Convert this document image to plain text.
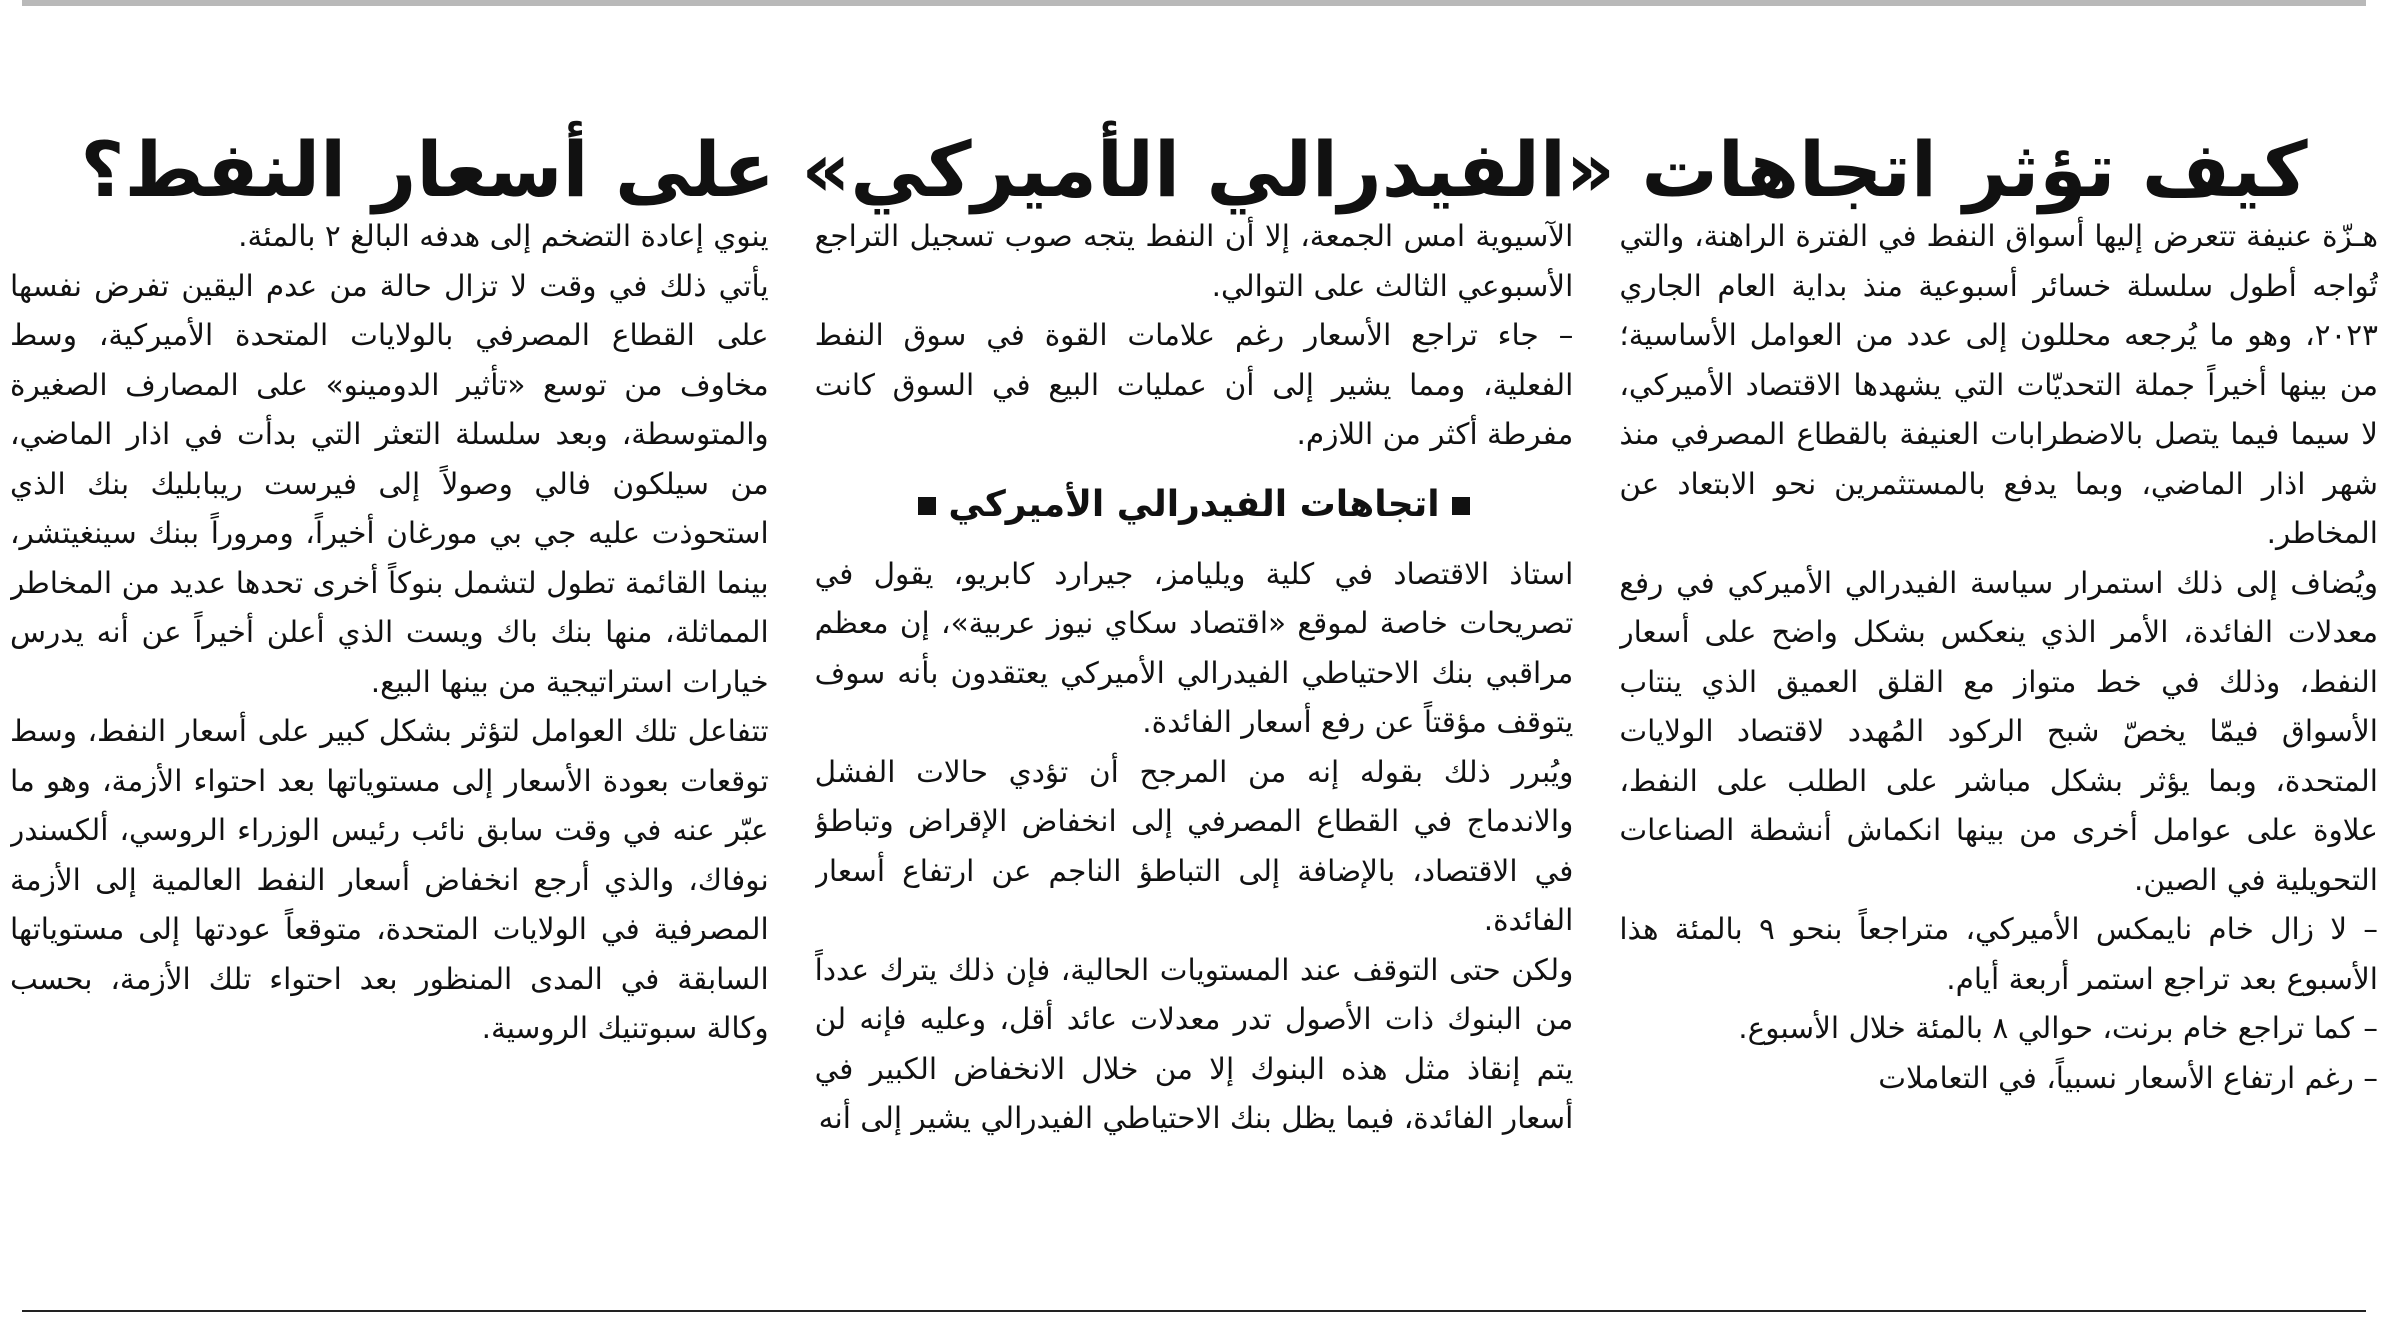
كيف تؤثر اتجاهات «الفيدرالي الأميركي» على أسعار النفط؟

هـزّة عنيفة تتعرض إليها أسواق النفط في الفترة الراهنة، والتي تُواجه أطول سلسلة خسائر أسبوعية منذ بداية العام الجاري ٢٠٢٣، وهو ما يُرجعه محللون إلى عدد من العوامل الأساسية؛ من بينها أخيراً جملة التحديّات التي يشهدها الاقتصاد الأميركي، لا سيما فيما يتصل بالاضطرابات العنيفة بالقطاع المصرفي منذ شهر اذار الماضي، وبما يدفع بالمستثمرين نحو الابتعاد عن المخاطر.

ويُضاف إلى ذلك استمرار سياسة الفيدرالي الأميركي في رفع معدلات الفائدة، الأمر الذي ينعكس بشكل واضح على أسعار النفط، وذلك في خط متواز مع القلق العميق الذي ينتاب الأسواق فيمّا يخصّ شبح الركود المُهدد لاقتصاد الولايات المتحدة، وبما يؤثر بشكل مباشر على الطلب على النفط، علاوة على عوامل أخرى من بينها انكماش أنشطة الصناعات التحويلية في الصين.

– لا زال خام نايمكس الأميركي، متراجعاً بنحو ٩ بالمئة هذا الأسبوع بعد تراجع استمر أربعة أيام.

– كما تراجع خام برنت، حوالي ٨ بالمئة خلال الأسبوع.

– رغم ارتفاع الأسعار نسبياً، في التعاملات

الآسيوية امس الجمعة، إلا أن النفط يتجه صوب تسجيل التراجع الأسبوعي الثالث على التوالي.

– جاء تراجع الأسعار رغم علامات القوة في سوق النفط الفعلية، ومما يشير إلى أن عمليات البيع في السوق كانت مفرطة أكثر من اللازم.

اتجاهات الفيدرالي الأميركي

استاذ الاقتصاد في كلية ويليامز، جيرارد كابريو، يقول في تصريحات خاصة لموقع «اقتصاد سكاي نيوز عربية»، إن معظم مراقبي بنك الاحتياطي الفيدرالي الأميركي يعتقدون بأنه سوف يتوقف مؤقتاً عن رفع أسعار الفائدة.

ويُبرر ذلك بقوله إنه من المرجح أن تؤدي حالات الفشل والاندماج في القطاع المصرفي إلى انخفاض الإقراض وتباطؤ في الاقتصاد، بالإضافة إلى التباطؤ الناجم عن ارتفاع أسعار الفائدة.

ولكن حتى التوقف عند المستويات الحالية، فإن ذلك يترك عدداً من البنوك ذات الأصول تدر معدلات عائد أقل، وعليه فإنه لن يتم إنقاذ مثل هذه البنوك إلا من خلال الانخفاض الكبير في أسعار الفائدة، فيما يظل بنك الاحتياطي الفيدرالي يشير إلى أنه

ينوي إعادة التضخم إلى هدفه البالغ ٢ بالمئة.

يأتي ذلك في وقت لا تزال حالة من عدم اليقين تفرض نفسها على القطاع المصرفي بالولايات المتحدة الأميركية، وسط مخاوف من توسع «تأثير الدومينو» على المصارف الصغيرة والمتوسطة، وبعد سلسلة التعثر التي بدأت في اذار الماضي، من سيلكون فالي وصولاً إلى فيرست ريبابليك بنك الذي استحوذت عليه جي بي مورغان أخيراً، ومروراً ببنك سينغيتشر، بينما القائمة تطول لتشمل بنوكاً أخرى تحدها عديد من المخاطر المماثلة، منها بنك باك ويست الذي أعلن أخيراً عن أنه يدرس خيارات استراتيجية من بينها البيع.

تتفاعل تلك العوامل لتؤثر بشكل كبير على أسعار النفط، وسط توقعات بعودة الأسعار إلى مستوياتها بعد احتواء الأزمة، وهو ما عبّر عنه في وقت سابق نائب رئيس الوزراء الروسي، ألكسندر نوفاك، والذي أرجع انخفاض أسعار النفط العالمية إلى الأزمة المصرفية في الولايات المتحدة، متوقعاً عودتها إلى مستوياتها السابقة في المدى المنظور بعد احتواء تلك الأزمة، بحسب وكالة سبوتنيك الروسية.
